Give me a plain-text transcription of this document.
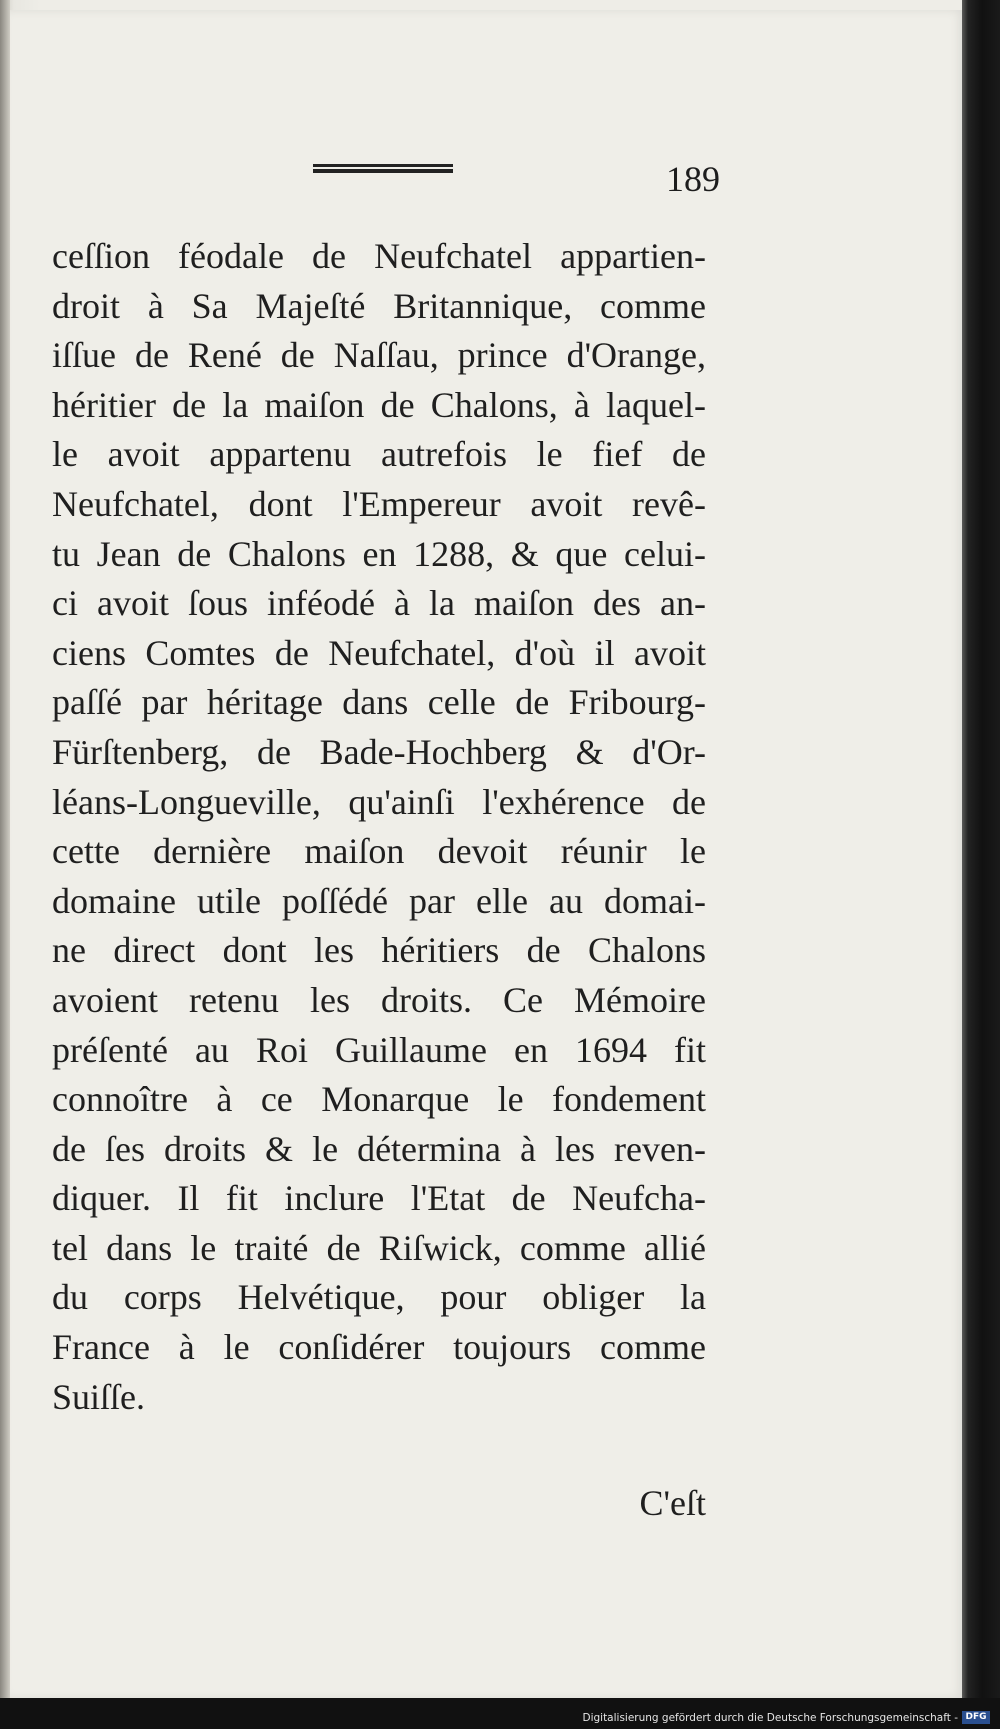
189
ceſſion féodale de Neufchatel appartien-
droit à Sa Majeſté Britannique, comme
iſſue de René de Naſſau, prince d'Orange,
héritier de la maiſon de Chalons, à laquel-
le avoit appartenu autrefois le fief de
Neufchatel, dont l'Empereur avoit revê-
tu Jean de Chalons en 1288, & que celui-
ci avoit ſous inféodé à la maiſon des an-
ciens Comtes de Neufchatel, d'où il avoit
paſſé par héritage dans celle de Fribourg-
Fürſtenberg, de Bade-Hochberg & d'Or-
léans-Longueville, qu'ainſi l'exhérence de
cette dernière maiſon devoit réunir le
domaine utile poſſédé par elle au domai-
ne direct dont les héritiers de Chalons
avoient retenu les droits. Ce Mémoire
préſenté au Roi Guillaume en 1694 fit
connoître à ce Monarque le fondement
de ſes droits & le détermina à les reven-
diquer. Il fit inclure l'Etat de Neufcha-
tel dans le traité de Riſwick, comme allié
du corps Helvétique, pour obliger la
France à le conſidérer toujours comme
Suiſſe.
C'eſt
Digitalisierung gefördert durch die Deutsche Forschungsgemeinschaft - DFG
